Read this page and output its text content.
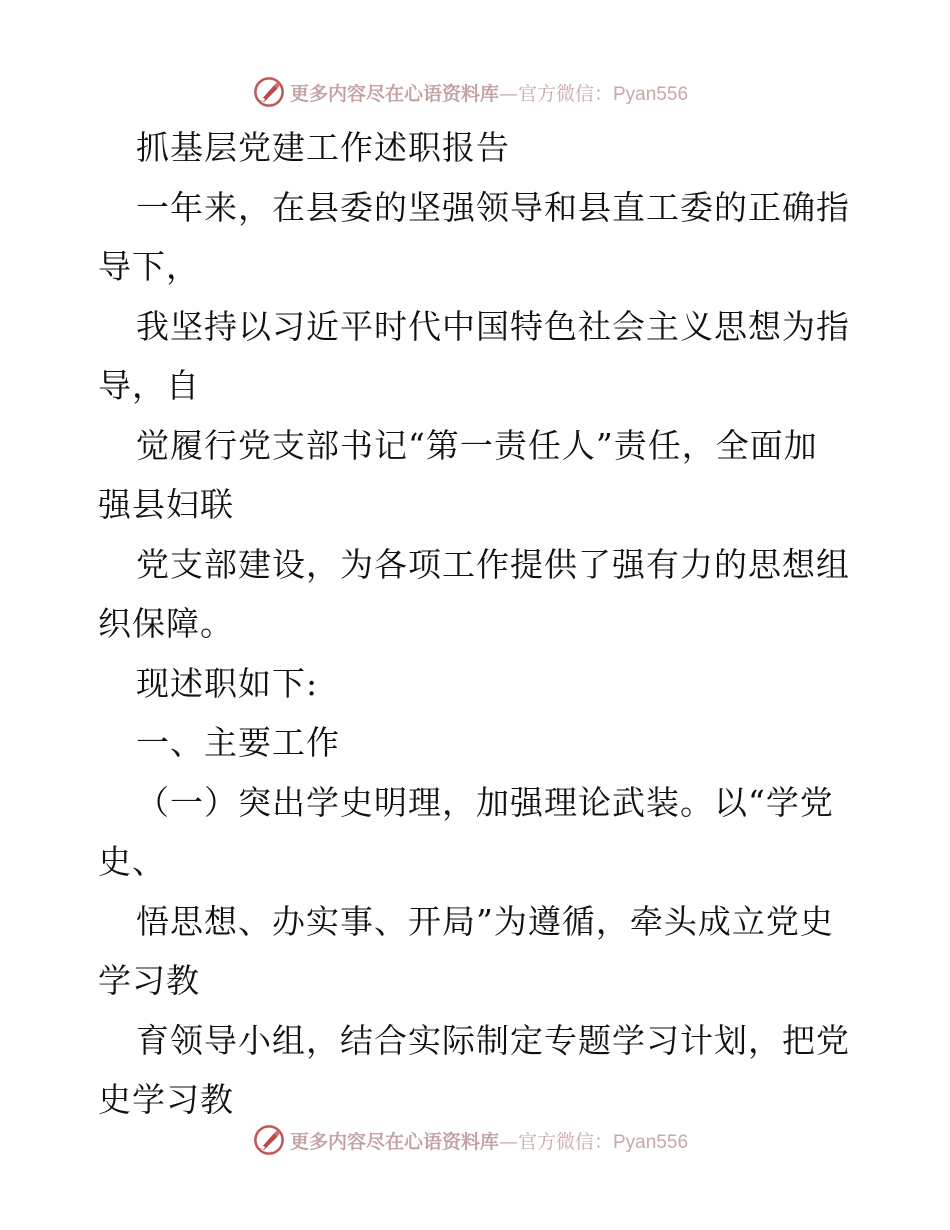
更多内容尽在心语资料库—官方微信：Pyan556
抓基层党建工作述职报告
一年来，在县委的坚强领导和县直工委的正确指
导下，
我坚持以习近平时代中国特色社会主义思想为指
导，自
觉履行党支部书记“第一责任人”责任，全面加
强县妇联
党支部建设，为各项工作提供了强有力的思想组
织保障。
现述职如下:
一、主要工作
（一）突出学史明理，加强理论武装。以“学党
史、
悟思想、办实事、开局”为遵循，牵头成立党史
学习教
育领导小组，结合实际制定专题学习计划，把党
史学习教
更多内容尽在心语资料库—官方微信：Pyan556
